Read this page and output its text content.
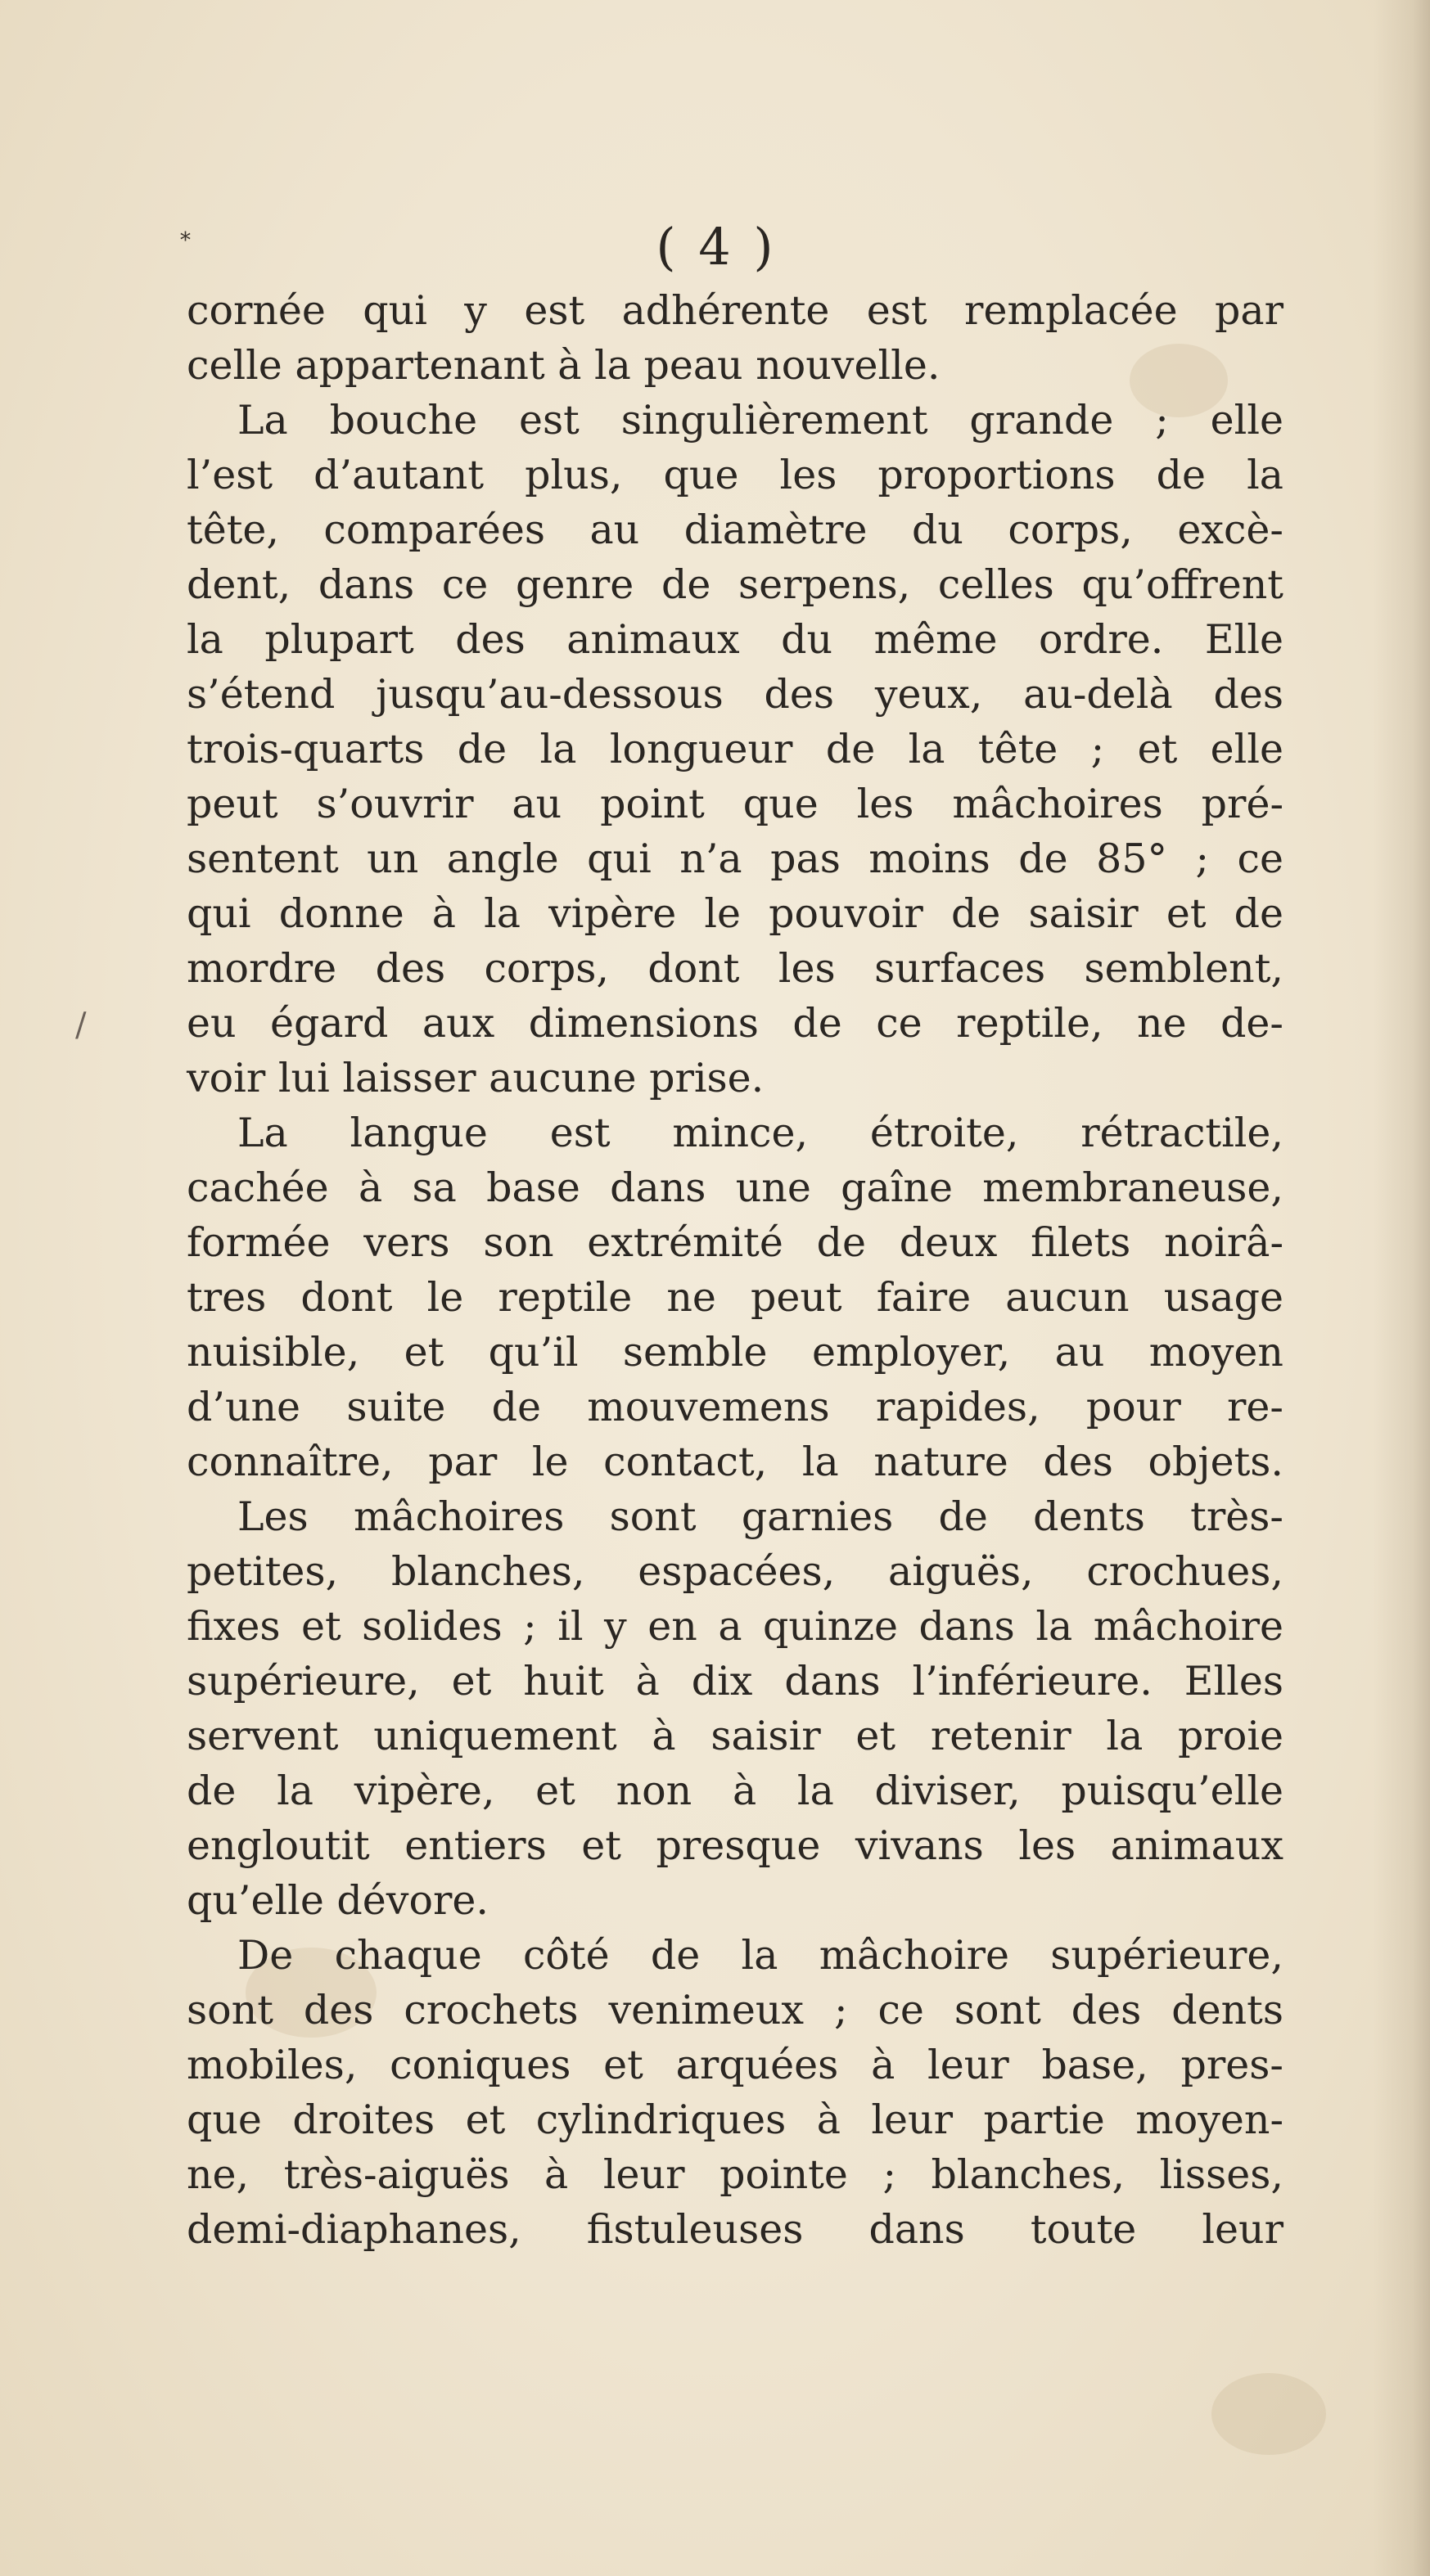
*	( 4 )
/
cornée qui y est adhérente est remplacée par
celle appartenant à la peau nouvelle.
La bouche est singulièrement grande ; elle
l’est d’autant plus, que les proportions de la
tête, comparées au diamètre du corps, excè-
dent, dans ce genre de serpens, celles qu’offrent
la plupart des animaux du même ordre. Elle
s’étend jusqu’au-dessous des yeux, au-delà des
trois-quarts de la longueur de la tête ; et elle
peut s’ouvrir au point que les mâchoires pré-
sentent un angle qui n’a pas moins de 85° ; ce
qui donne à la vipère le pouvoir de saisir et de
mordre des corps, dont les surfaces semblent,
eu égard aux dimensions de ce reptile, ne de-
voir lui laisser aucune prise.
La langue est mince, étroite, rétractile,
cachée à sa base dans une gaîne membraneuse,
formée vers son extrémité de deux filets noirâ-
tres dont le reptile ne peut faire aucun usage
nuisible, et qu’il semble employer, au moyen
d’une suite de mouvemens rapides, pour re-
connaître, par le contact, la nature des objets.
Les mâchoires sont garnies de dents très-
petites, blanches, espacées, aiguës, crochues,
fixes et solides ; il y en a quinze dans la mâchoire
supérieure, et huit à dix dans l’inférieure. Elles
servent uniquement à saisir et retenir la proie
de la vipère, et non à la diviser, puisqu’elle
engloutit entiers et presque vivans les animaux
qu’elle dévore.
De chaque côté de la mâchoire supérieure,
sont des crochets venimeux ; ce sont des dents
mobiles, coniques et arquées à leur base, pres-
que droites et cylindriques à leur partie moyen-
ne, très-aiguës à leur pointe ; blanches, lisses,
demi-diaphanes, fistuleuses dans toute leur
